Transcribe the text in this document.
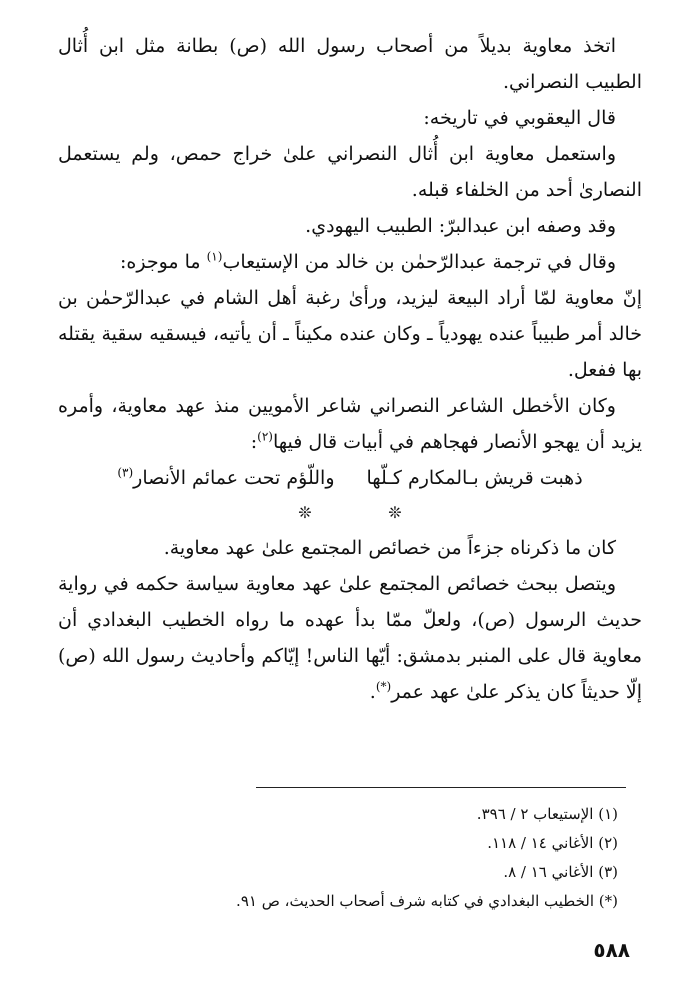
اتخذ معاوية بديلاً من أصحاب رسول الله (ص) بطانة مثل ابن أُثال الطبيب النصراني.

قال اليعقوبي في تاريخه:

واستعمل معاوية ابن أُثال النصراني علىٰ خراج حمص، ولم يستعمل النصارىٰ أحد من الخلفاء قبله.

وقد وصفه ابن عبدالبرّ: الطبيب اليهودي.

وقال في ترجمة عبدالرّحمٰن بن خالد من الإستيعاب$^{(١)}$ ما موجزه:

إنّ معاوية لمّا أراد البيعة ليزيد، ورأىٰ رغبة أهل الشام في عبدالرّحمٰن بن خالد أمر طبيباً عنده يهودياً ـ وكان عنده مكيناً ـ أن يأتيه، فيسقيه سقية يقتله بها ففعل.

وكان الأخطل الشاعر النصراني شاعر الأمويين منذ عهد معاوية، وأمره يزيد أن يهجو الأنصار فهجاهم في أبيات قال فيها$^{(٢)}$:

ذهبت قريش بـالمكارم كـلّهاواللّؤم تحت عمائم الأنصار$^{(٣)}$

❊❊

كان ما ذكرناه جزءاً من خصائص المجتمع علىٰ عهد معاوية.

ويتصل ببحث خصائص المجتمع علىٰ عهد معاوية سياسة حكمه في رواية حديث الرسول (ص)، ولعلّ ممّا بدأ عهده ما رواه الخطيب البغدادي أن معاوية قال على المنبر بدمشق: أيّها الناس! إيّاكم وأحاديث رسول الله (ص) إلّا حديثاً كان يذكر علىٰ عهد عمر(*).

(١) الإستيعاب ٢ / ٣٩٦.

(٢) الأغاني ١٤ / ١١٨.

(٣) الأغاني ١٦ / ٨.

(*) الخطيب البغدادي في كتابه شرف أصحاب الحديث، ص ٩١.

٥٨٨
